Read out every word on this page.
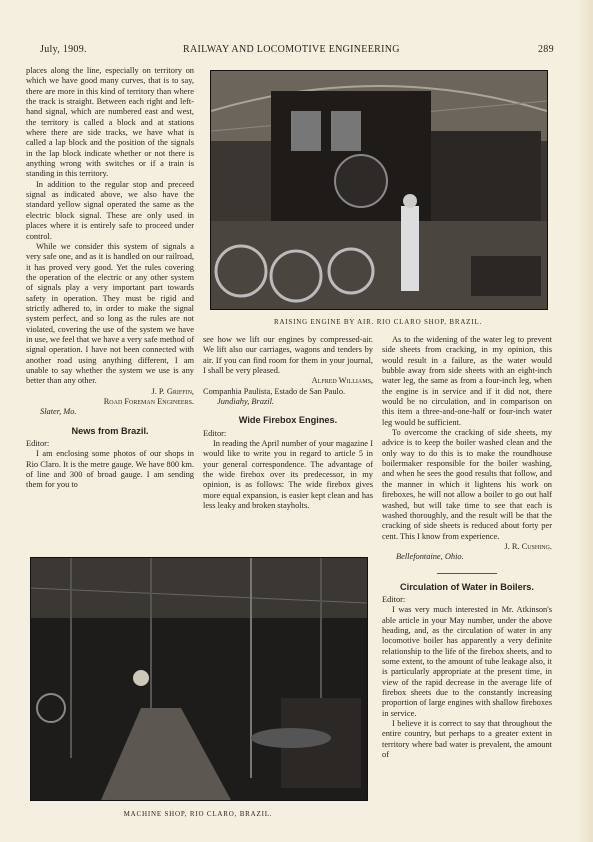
July, 1909.	RAILWAY AND LOCOMOTIVE ENGINEERING	289

places along the line, especially on territory on which we have good many curves, that is to say, there are more in this kind of territory than where the track is straight. Between each right and left-hand signal, which are numbered east and west, the territory is called a block and at stations where there are side tracks, we have what is called a lap block and the position of the signals in the lap block indicate whether or not there is anything wrong with switches or if a train is standing in this territory.

In addition to the regular stop and preceed signal as indicated above, we also have the standard yellow signal operated the same as the electric block signal. These are only used in places where it is entirely safe to proceed under control.

While we consider this system of signals a very safe one, and as it is handled on our railroad, it has proved very good. Yet the rules covering the operation of the electric or any other system of signals play a very important part towards safety in operation. They must be rigid and strictly adhered to, in order to make the signal system perfect, and so long as the rules are not violated, covering the use of the system we have in use, we feel that we have a very safe method of signal operation. I have not been connected with another road using anything different, I am unable to say whether the system we use is any better than any other.

J. P. Griffin,
Road Foreman Engineers.
Slater, Mo.
News from Brazil.

Editor:

I am enclosing some photos of our shops in Rio Claro. It is the metre gauge. We have 800 km. of line and 300 of broad gauge. I am sending them for you to

RAISING ENGINE BY AIR. RIO CLARO SHOP, BRAZIL.

see how we lift our engines by compressed-air. We lift also our carriages, wagons and tenders by air. If you can find room for them in your journal, I shall be very pleased.

Alfred Williams,
Companhia Paulista, Estado de San Paulo.
Jundiahy, Brazil.
Wide Firebox Engines.

Editor:

In reading the April number of your magazine I would like to write you in regard to article 5 in your general correspondence. The advantage of the wide firebox over its predecessor, in my opinion, is as follows: The wide firebox gives more equal expansion, is easier kept clean and has less leaky and broken stayholts.

As to the widening of the water leg to prevent side sheets from cracking, in my opinion, this would result in a failure, as the water would bubble away from side sheets with an eight-inch water leg, the same as from a four-inch leg, when the engine is in service and if it did not, there would be no circulation, and in comparison on this item a three-and-one-half or four-inch water leg would be sufficient.

To overcome the cracking of side sheets, my advice is to keep the boiler washed clean and the only way to do this is to make the roundhouse boilermaker responsible for the boiler washing, and when he sees the good results that follow, and the manner in which it lightens his work on fireboxes, he will not allow a boiler to go out half washed, but will take time to see that each is washed thoroughly, and the result will be that the cracking of side sheets is reduced about forty per cent. This I know from experience.

J. R. Cushing.
Bellefontaine, Ohio.
Circulation of Water in Boilers.

Editor:

I was very much interested in Mr. Atkinson's able article in your May number, under the above heading, and, as the circulation of water in any locomotive boiler has apparently a very definite relationship to the life of the firebox sheets, and to some extent, to the amount of tube leakage also, it is particularly appropriate at the present time, in view of the rapid decrease in the average life of firebox sheets due to the constantly increasing proportion of large engines with shallow fireboxes in service.

I believe it is correct to say that throughout the entire country, but perhaps to a greater extent in territory where bad water is prevalent, the amount of

MACHINE SHOP, RIO CLARO, BRAZIL.
